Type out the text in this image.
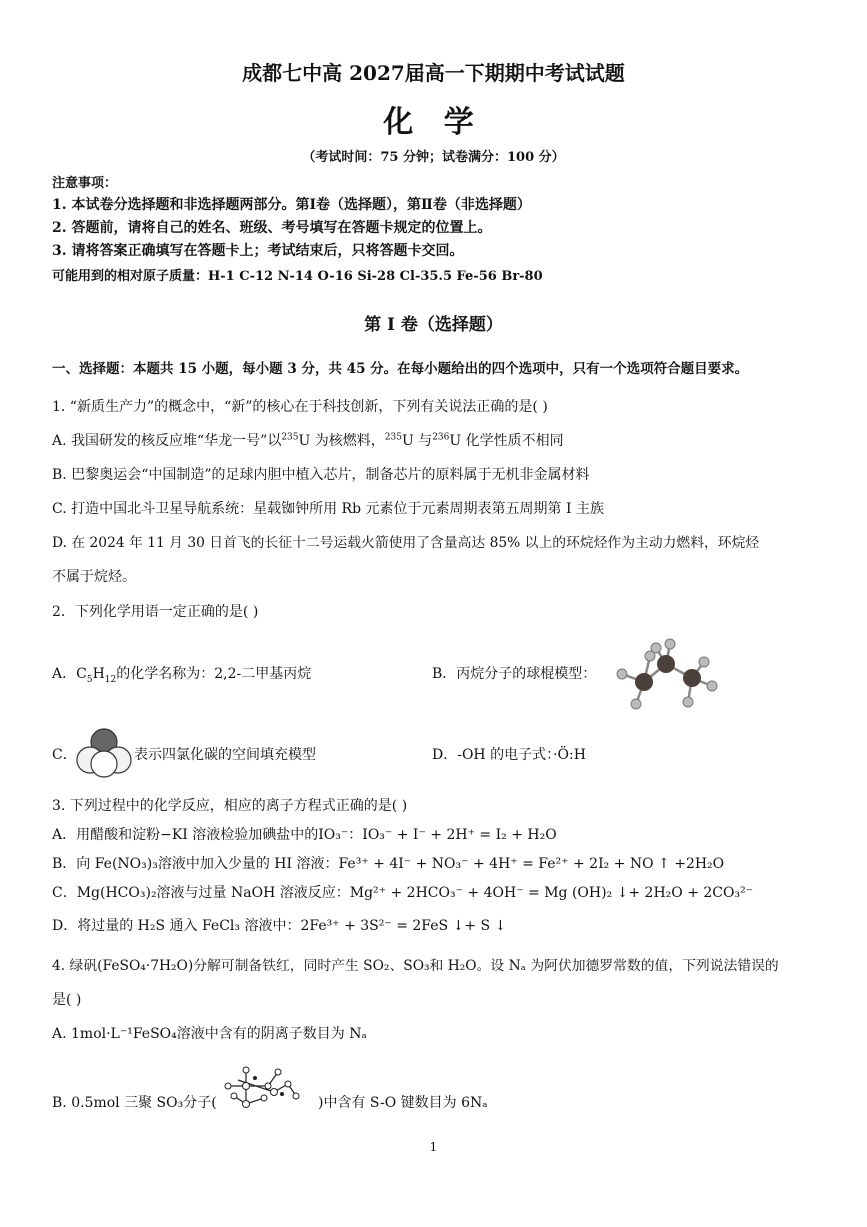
成都七中高 2027届高一下期期中考试试题
化 学
（考试时间：75 分钟；试卷满分：100 分）
注意事项：
1. 本试卷分选择题和非选择题两部分。第Ⅰ卷（选择题），第Ⅱ卷（非选择题）
2. 答题前，请将自己的姓名、班级、考号填写在答题卡规定的位置上。
3. 请将答案正确填写在答题卡上；考试结束后，只将答题卡交回。
可能用到的相对原子质量：H-1 C-12 N-14 O-16 Si-28 Cl-35.5 Fe-56 Br-80
第 I 卷（选择题）
一、选择题：本题共 15 小题，每小题 3 分，共 45 分。在每小题给出的四个选项中，只有一个选项符合题目要求。
1. “新质生产力”的概念中，“新”的核心在于科技创新，下列有关说法正确的是( )
A. 我国研发的核反应堆“华龙一号”以$^{235}$U 为核燃料，$^{235}$U 与$^{236}$U 化学性质不相同
B. 巴黎奥运会“中国制造”的足球内胆中植入芯片，制备芯片的原料属于无机非金属材料
C. 打造中国北斗卫星导航系统：星载铷钟所用 Rb 元素位于元素周期表第五周期第 I 主族
D. 在 2024 年 11 月 30 日首飞的长征十二号运载火箭使用了含量高达 85% 以上的环烷烃作为主动力燃料，环烷烃
不属于烷烃。
2．下列化学用语一定正确的是( )
A．$C_5H_{12}$的化学名称为：2,2-二甲基丙烷	B．丙烷分子的球棍模型：
C．	表示四氯化碳的空间填充模型	D．-OH 的电子式：·Ö:H
3. 下列过程中的化学反应，相应的离子方程式正确的是( )
A．用醋酸和淀粉−KI 溶液检验加碘盐中的IO₃⁻：IO₃⁻ + I⁻ + 2H⁺ = I₂ + H₂O
B．向 Fe(NO₃)₃溶液中加入少量的 HI 溶液：Fe³⁺ + 4I⁻ + NO₃⁻ + 4H⁺ = Fe²⁺ + 2I₂ + NO ↑ +2H₂O
C．Mg(HCO₃)₂溶液与过量 NaOH 溶液反应：Mg²⁺ + 2HCO₃⁻ + 4OH⁻ = Mg (OH)₂ ↓+ 2H₂O + 2CO₃²⁻
D．将过量的 H₂S 通入 FeCl₃ 溶液中：2Fe³⁺ + 3S²⁻ = 2FeS ↓+ S ↓
4. 绿矾(FeSO₄·7H₂O)分解可制备铁红，同时产生 SO₂、SO₃和 H₂O。设 Nₐ 为阿伏加德罗常数的值，下列说法错误的
是( )
A. 1mol·L⁻¹FeSO₄溶液中含有的阴离子数目为 Nₐ
B. 0.5mol 三聚 SO₃分子(	)中含有 S-O 键数目为 6Nₐ
1
